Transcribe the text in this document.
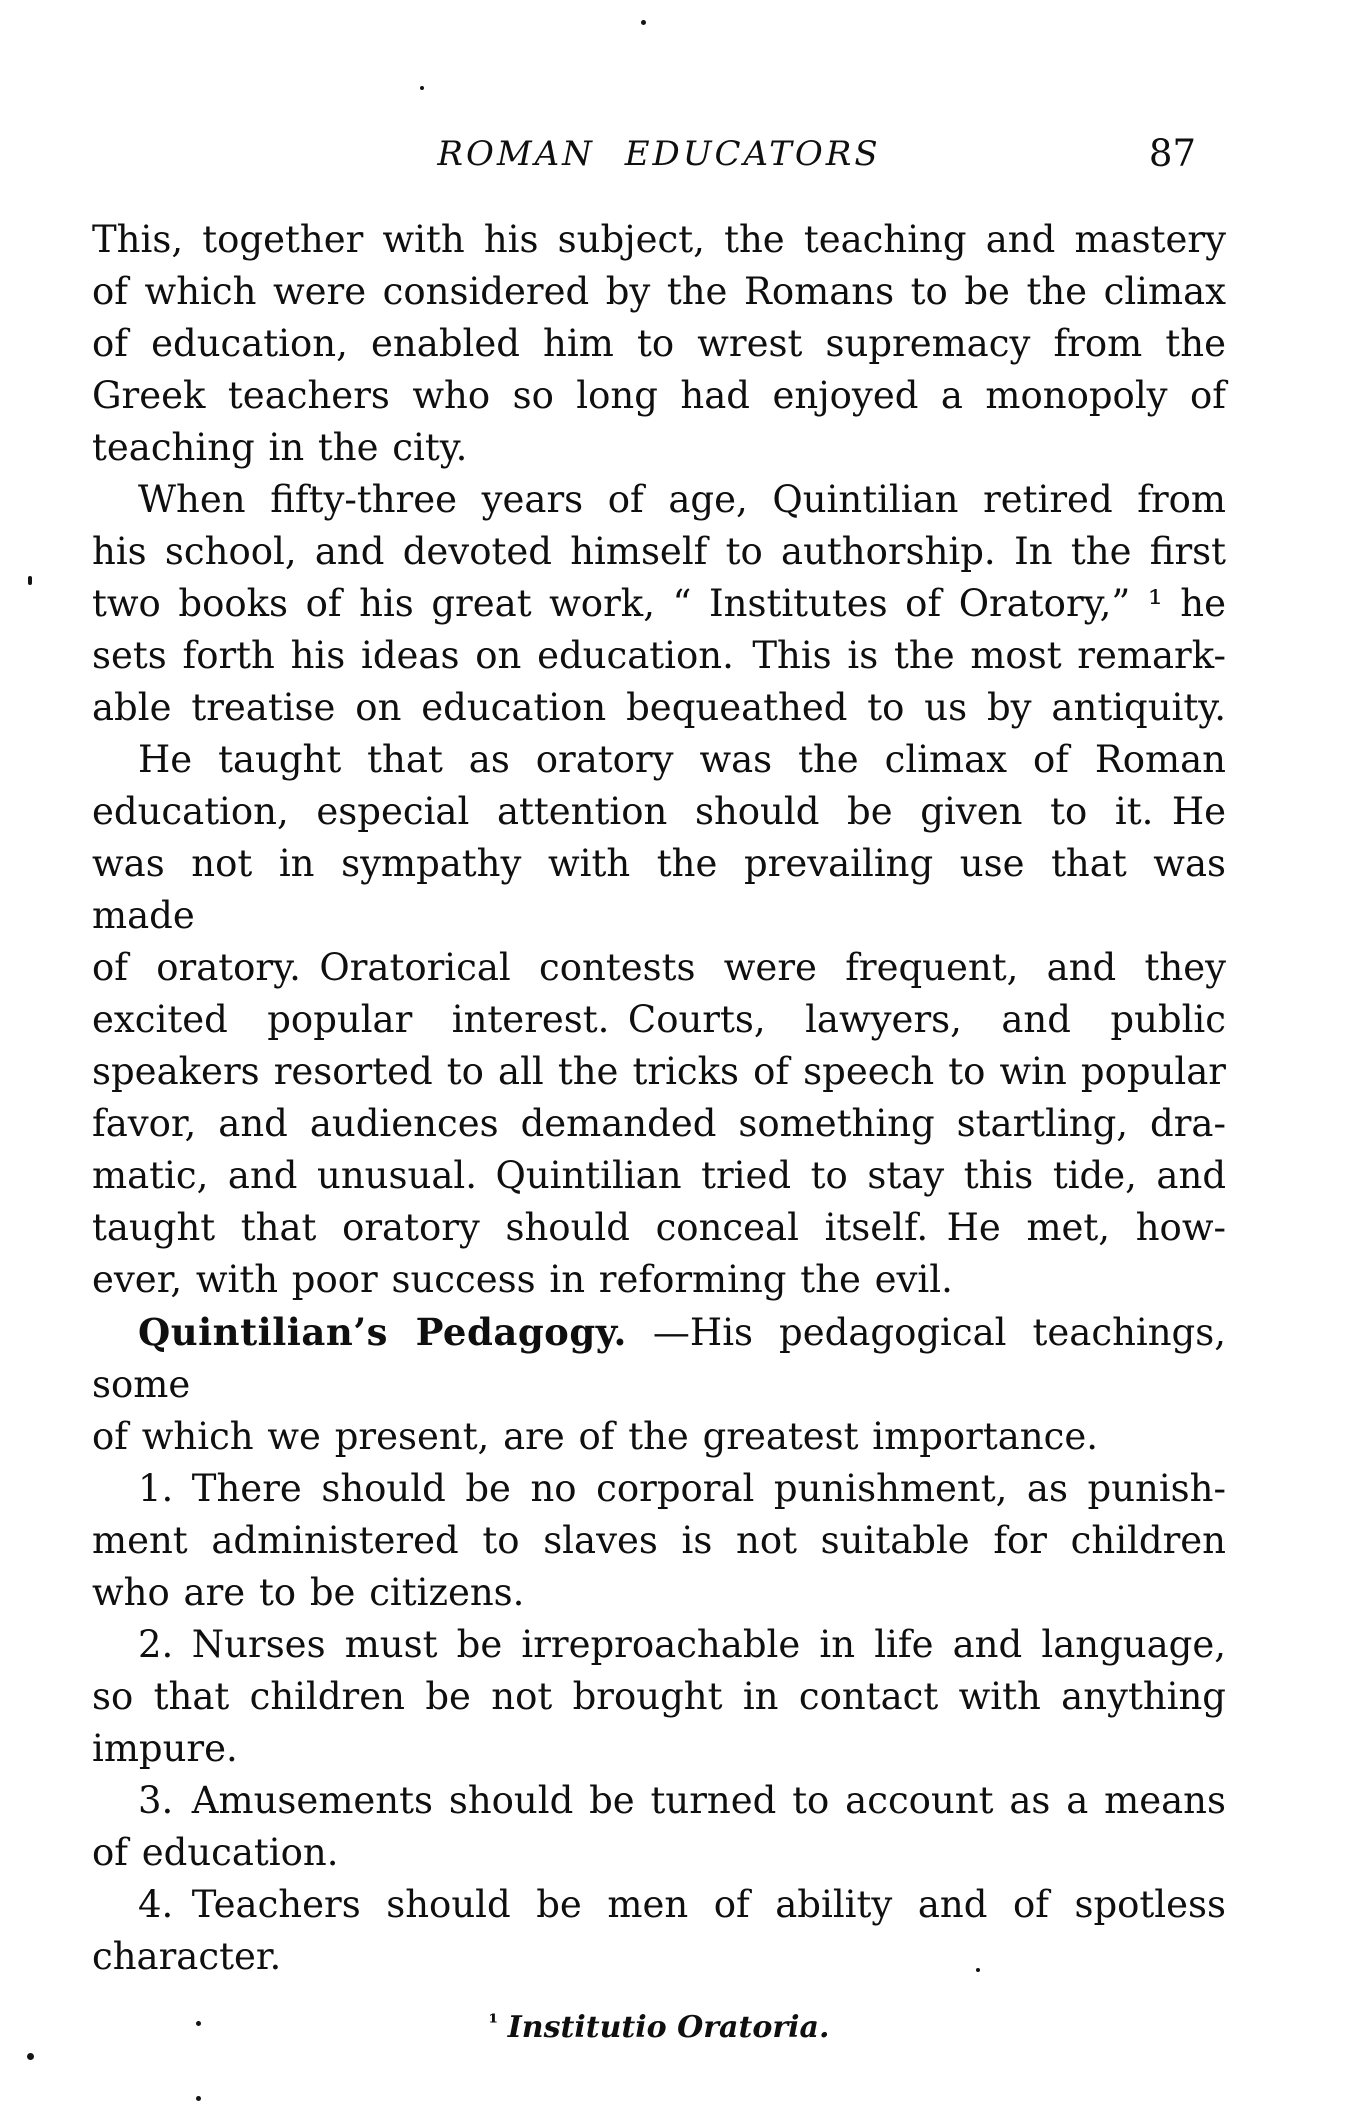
ROMAN EDUCATORS	87
This, together with his subject, the teaching and mastery
of which were considered by the Romans to be the climax
of education, enabled him to wrest supremacy from the
Greek teachers who so long had enjoyed a monopoly of
teaching in the city.
When fifty-three years of age, Quintilian retired from
his school, and devoted himself to authorship. In the first
two books of his great work, “ Institutes of Oratory,” ¹ he
sets forth his ideas on education. This is the most remark-
able treatise on education bequeathed to us by antiquity.
He taught that as oratory was the climax of Roman
education, especial attention should be given to it. He
was not in sympathy with the prevailing use that was made
of oratory. Oratorical contests were frequent, and they
excited popular interest. Courts, lawyers, and public
speakers resorted to all the tricks of speech to win popular
favor, and audiences demanded something startling, dra-
matic, and unusual. Quintilian tried to stay this tide, and
taught that oratory should conceal itself. He met, how-
ever, with poor success in reforming the evil.
Quintilian’s Pedagogy. —His pedagogical teachings, some
of which we present, are of the greatest importance.
1. There should be no corporal punishment, as punish-
ment administered to slaves is not suitable for children
who are to be citizens.
2. Nurses must be irreproachable in life and language,
so that children be not brought in contact with anything
impure.
3. Amusements should be turned to account as a means
of education.
4. Teachers should be men of ability and of spotless
character.
$^{^1}$ Institutio Oratoria.
